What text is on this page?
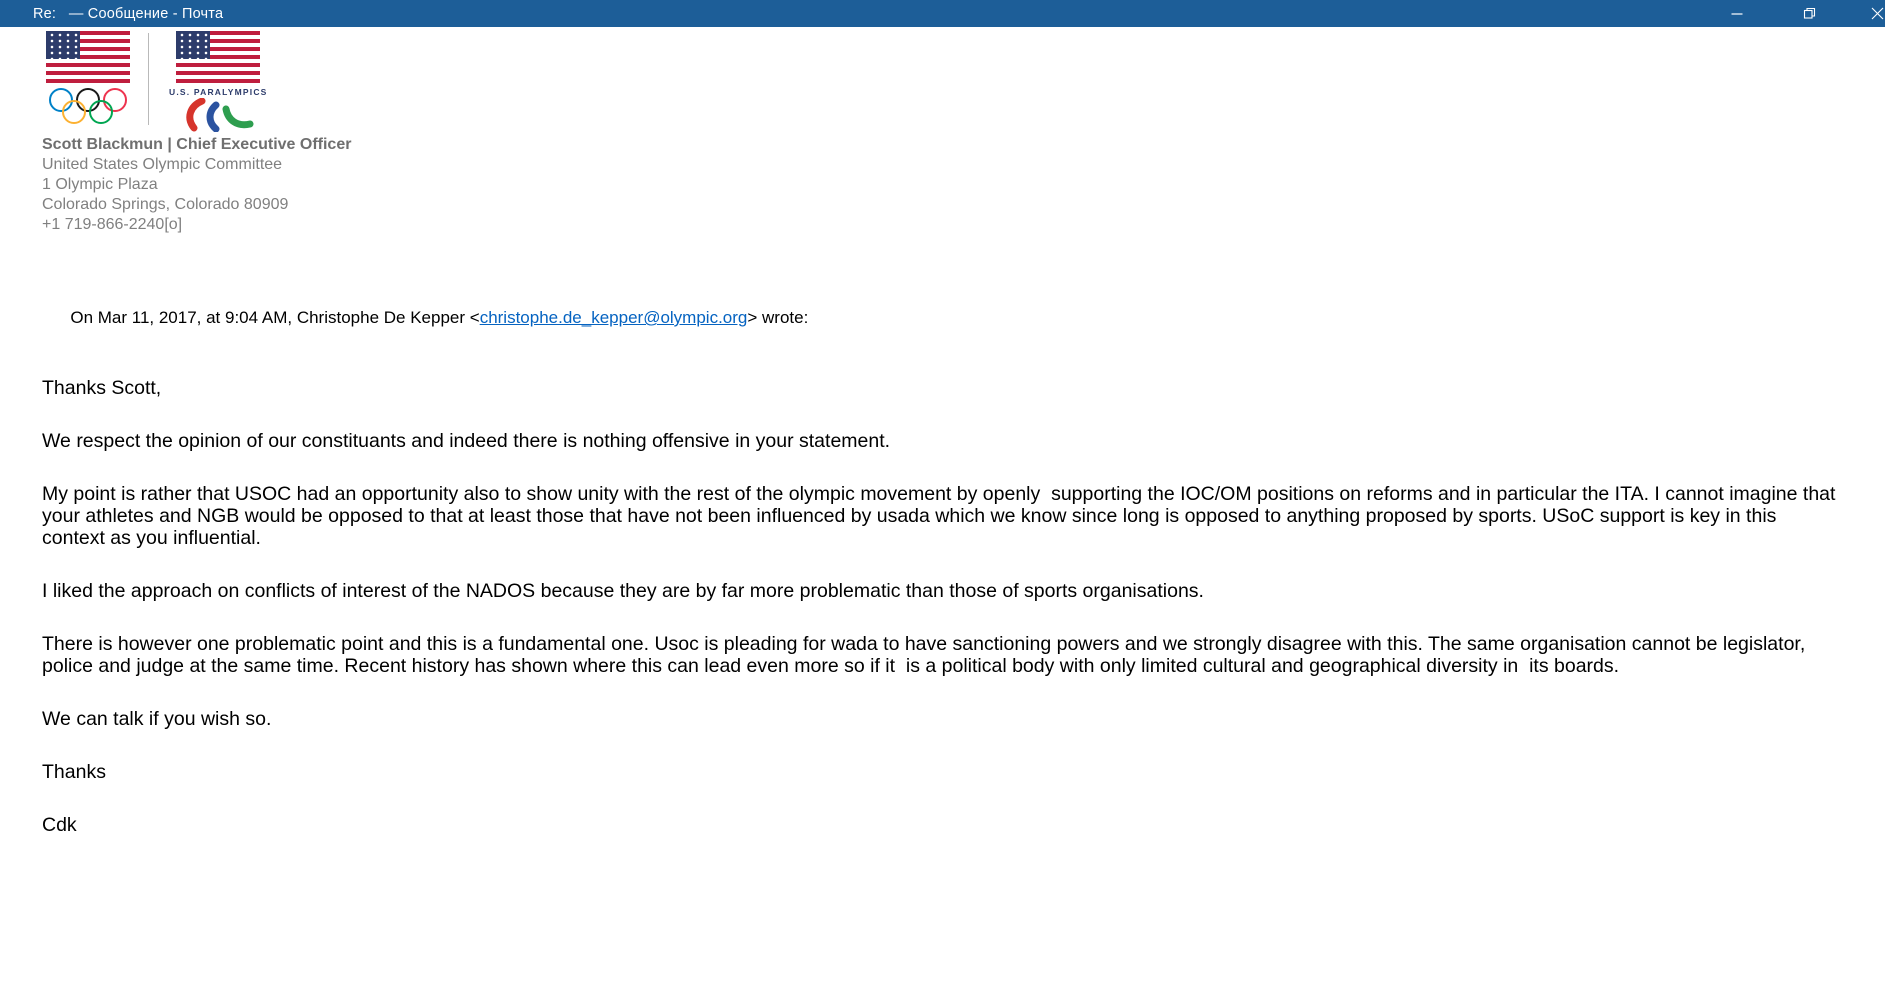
Re:   — Сообщение - Почта
U.S. PARALYMPICS
Scott Blackmun | Chief Executive Officer
United States Olympic Committee
1 Olympic Plaza
Colorado Springs, Colorado 80909
+1 719-866-2240[o]

On Mar 11, 2017, at 9:04 AM, Christophe De Kepper <christophe.de_kepper@olympic.org> wrote:

Thanks Scott,

We respect the opinion of our constituants and indeed there is nothing offensive in your statement.

My point is rather that USOC had an opportunity also to show unity with the rest of the olympic movement by openly  supporting the IOC/OM positions on reforms and in particular the ITA. I cannot imagine that your athletes and NGB would be opposed to that at least those that have not been influenced by usada which we know since long is opposed to anything proposed by sports. USoC support is key in this context as you influential.

I liked the approach on conflicts of interest of the NADOS because they are by far more problematic than those of sports organisations.

There is however one problematic point and this is a fundamental one. Usoc is pleading for wada to have sanctioning powers and we strongly disagree with this. The same organisation cannot be legislator,  police and judge at the same time. Recent history has shown where this can lead even more so if it  is a political body with only limited cultural and geographical diversity in  its boards.

We can talk if you wish so.

Thanks

Cdk
